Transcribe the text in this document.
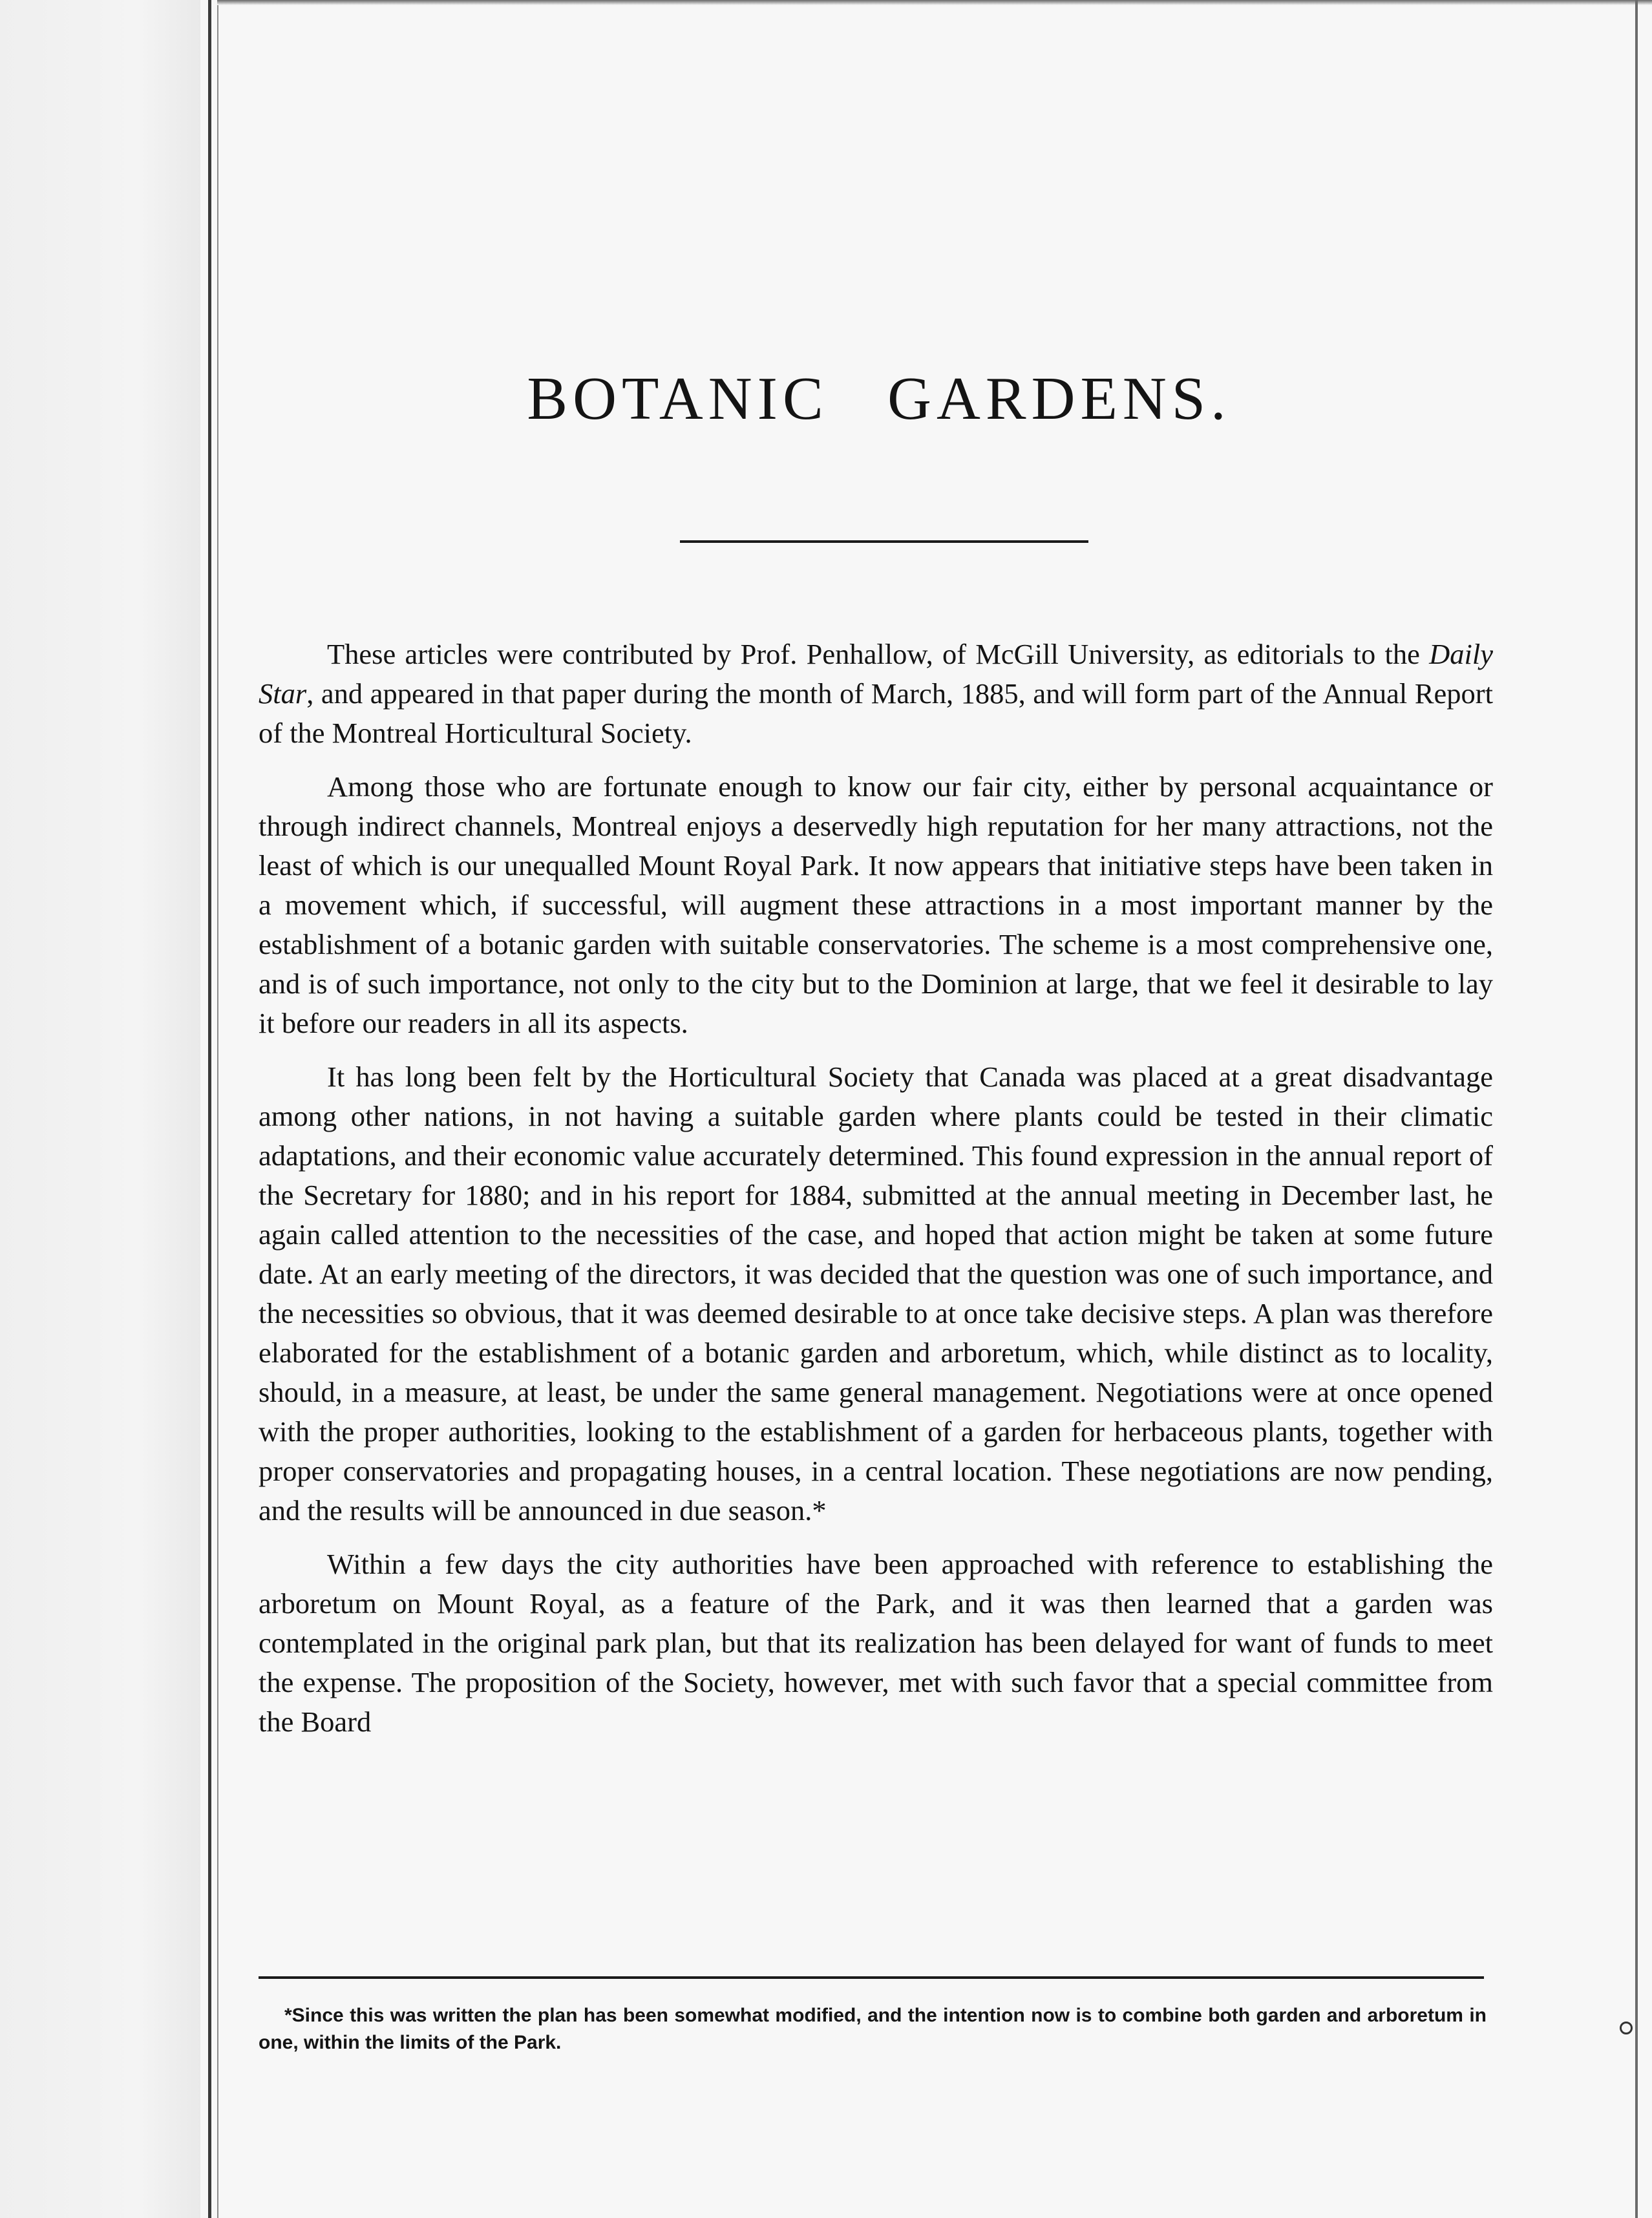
BOTANIC GARDENS.

These articles were contributed by Prof. Penhallow, of McGill University, as editorials to the Daily Star, and appeared in that paper during the month of March, 1885, and will form part of the Annual Report of the Montreal Horticultural Society.

Among those who are fortunate enough to know our fair city, either by personal acquaintance or through indirect channels, Montreal enjoys a deservedly high reputation for her many attractions, not the least of which is our unequalled Mount Royal Park. It now appears that initiative steps have been taken in a movement which, if successful, will augment these attractions in a most important manner by the establishment of a botanic garden with suitable conservatories. The scheme is a most comprehensive one, and is of such importance, not only to the city but to the Dominion at large, that we feel it desirable to lay it before our readers in all its aspects.

It has long been felt by the Horticultural Society that Canada was placed at a great disadvantage among other nations, in not having a suitable garden where plants could be tested in their climatic adaptations, and their economic value accurately determined. This found expression in the annual report of the Secretary for 1880; and in his report for 1884, submitted at the annual meeting in December last, he again called attention to the necessities of the case, and hoped that action might be taken at some future date. At an early meeting of the directors, it was decided that the question was one of such importance, and the necessities so obvious, that it was deemed desirable to at once take decisive steps. A plan was therefore elaborated for the establishment of a botanic garden and arboretum, which, while distinct as to locality, should, in a measure, at least, be under the same general management. Negotiations were at once opened with the proper authorities, looking to the establishment of a garden for herbaceous plants, together with proper conservatories and propagating houses, in a central location. These negotiations are now pending, and the results will be announced in due season.*

Within a few days the city authorities have been approached with reference to establishing the arboretum on Mount Royal, as a feature of the Park, and it was then learned that a garden was contemplated in the original park plan, but that its realization has been delayed for want of funds to meet the expense. The proposition of the Society, however, met with such favor that a special committee from the Board

*Since this was written the plan has been somewhat modified, and the intention now is to combine both garden and arboretum in one, within the limits of the Park.
